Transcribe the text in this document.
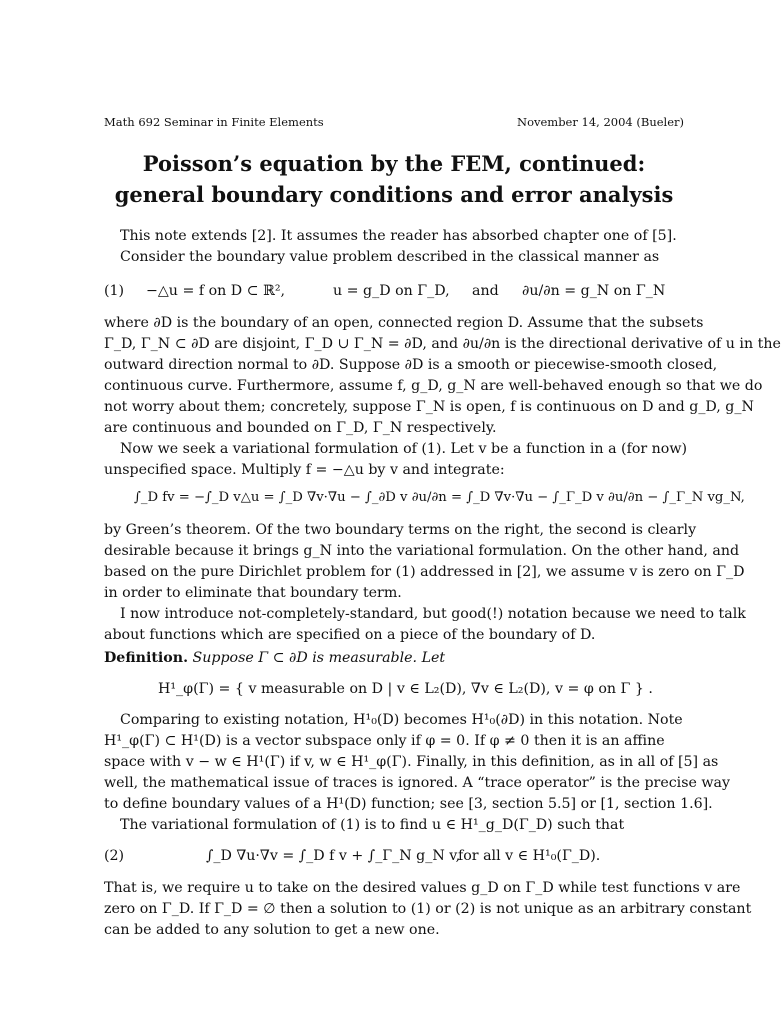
Math 692 Seminar in Finite Elements	November 14, 2004 (Bueler)
Poisson’s equation by the FEM, continued:
general boundary conditions and error analysis
This note extends [2]. It assumes the reader has absorbed chapter one of [5].
Consider the boundary value problem described in the classical manner as
(1) −△u = f on D ⊂ ℝ²,	u = g_D on Γ_D, and ∂u/∂n = g_N on Γ_N
where ∂D is the boundary of an open, connected region D. Assume that the subsets
Γ_D, Γ_N ⊂ ∂D are disjoint, Γ_D ∪ Γ_N = ∂D, and ∂u/∂n is the directional derivative of u in the
outward direction normal to ∂D. Suppose ∂D is a smooth or piecewise-smooth closed,
continuous curve. Furthermore, assume f, g_D, g_N are well-behaved enough so that we do
not worry about them; concretely, suppose Γ_N is open, f is continuous on D and g_D, g_N
are continuous and bounded on Γ_D, Γ_N respectively.
Now we seek a variational formulation of (1). Let v be a function in a (for now)
unspecified space. Multiply f = −△u by v and integrate:
∫_D fv = −∫_D v△u = ∫_D ∇v·∇u − ∫_∂D v ∂u/∂n = ∫_D ∇v·∇u − ∫_Γ_D v ∂u/∂n − ∫_Γ_N vg_N,
by Green’s theorem. Of the two boundary terms on the right, the second is clearly
desirable because it brings g_N into the variational formulation. On the other hand, and
based on the pure Dirichlet problem for (1) addressed in [2], we assume v is zero on Γ_D
in order to eliminate that boundary term.
I now introduce not-completely-standard, but good(!) notation because we need to talk
about functions which are specified on a piece of the boundary of D.
Definition. Suppose Γ ⊂ ∂D is measurable. Let
H¹_φ(Γ) = { v measurable on D | v ∈ L₂(D), ∇v ∈ L₂(D), v = φ on Γ } .
Comparing to existing notation, H¹₀(D) becomes H¹₀(∂D) in this notation. Note
H¹_φ(Γ) ⊂ H¹(D) is a vector subspace only if φ = 0. If φ ≠ 0 then it is an affine
space with v − w ∈ H¹(Γ) if v, w ∈ H¹_φ(Γ). Finally, in this definition, as in all of [5] as
well, the mathematical issue of traces is ignored. A “trace operator” is the precise way
to define boundary values of a H¹(D) function; see [3, section 5.5] or [1, section 1.6].
The variational formulation of (1) is to find u ∈ H¹_g_D(Γ_D) such that
(2)	∫_D ∇u·∇v = ∫_D f v + ∫_Γ_N g_N v,
for all v ∈ H¹₀(Γ_D).
That is, we require u to take on the desired values g_D on Γ_D while test functions v are
zero on Γ_D. If Γ_D = ∅ then a solution to (1) or (2) is not unique as an arbitrary constant
can be added to any solution to get a new one.
